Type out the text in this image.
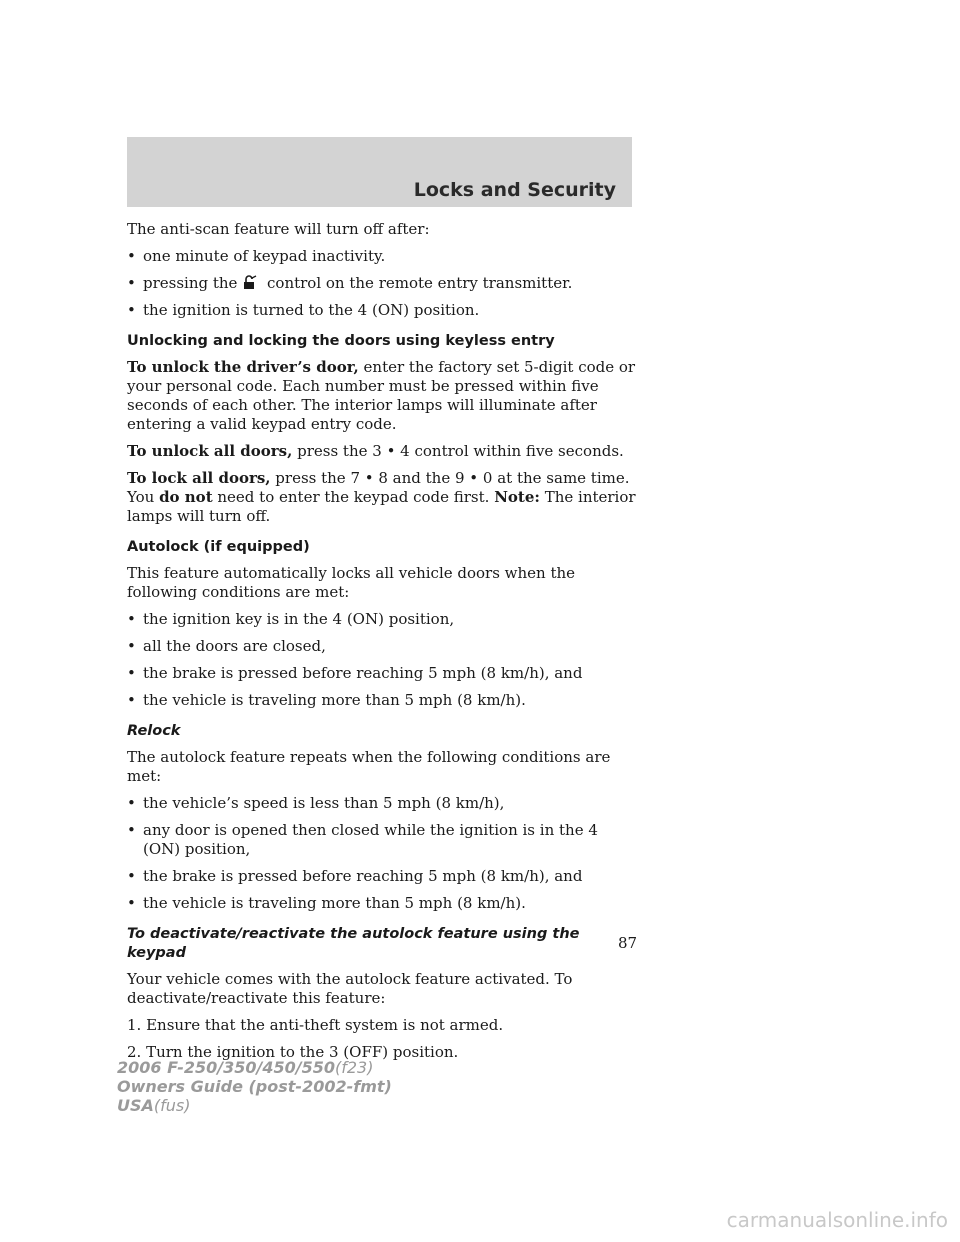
Locks and Security

The anti-scan feature will turn off after:

• one minute of keypad inactivity.
• pressing the control on the remote entry transmitter.
• the ignition is turned to the 4 (ON) position.
Unlocking and locking the doors using keyless entry

To unlock the driver’s door, enter the factory set 5-digit code or your personal code. Each number must be pressed within five seconds of each other. The interior lamps will illuminate after entering a valid keypad entry code.

To unlock all doors, press the 3 • 4 control within five seconds.

To lock all doors, press the 7 • 8 and the 9 • 0 at the same time. You do not need to enter the keypad code first. Note: The interior lamps will turn off.

Autolock (if equipped)

This feature automatically locks all vehicle doors when the following conditions are met:

• the ignition key is in the 4 (ON) position,
• all the doors are closed,
• the brake is pressed before reaching 5 mph (8 km/h), and
• the vehicle is traveling more than 5 mph (8 km/h).
Relock

The autolock feature repeats when the following conditions are met:

• the vehicle’s speed is less than 5 mph (8 km/h),
• any door is opened then closed while the ignition is in the 4 (ON) position,
• the brake is pressed before reaching 5 mph (8 km/h), and
• the vehicle is traveling more than 5 mph (8 km/h).
To deactivate/reactivate the autolock feature using the keypad

Your vehicle comes with the autolock feature activated. To deactivate/reactivate this feature:

1. Ensure that the anti-theft system is not armed.

2. Turn the ignition to the 3 (OFF) position.

87
2006 F-250/350/450/550(f23)
Owners Guide (post-2002-fmt)
USA(fus)
carmanualsonline.info
